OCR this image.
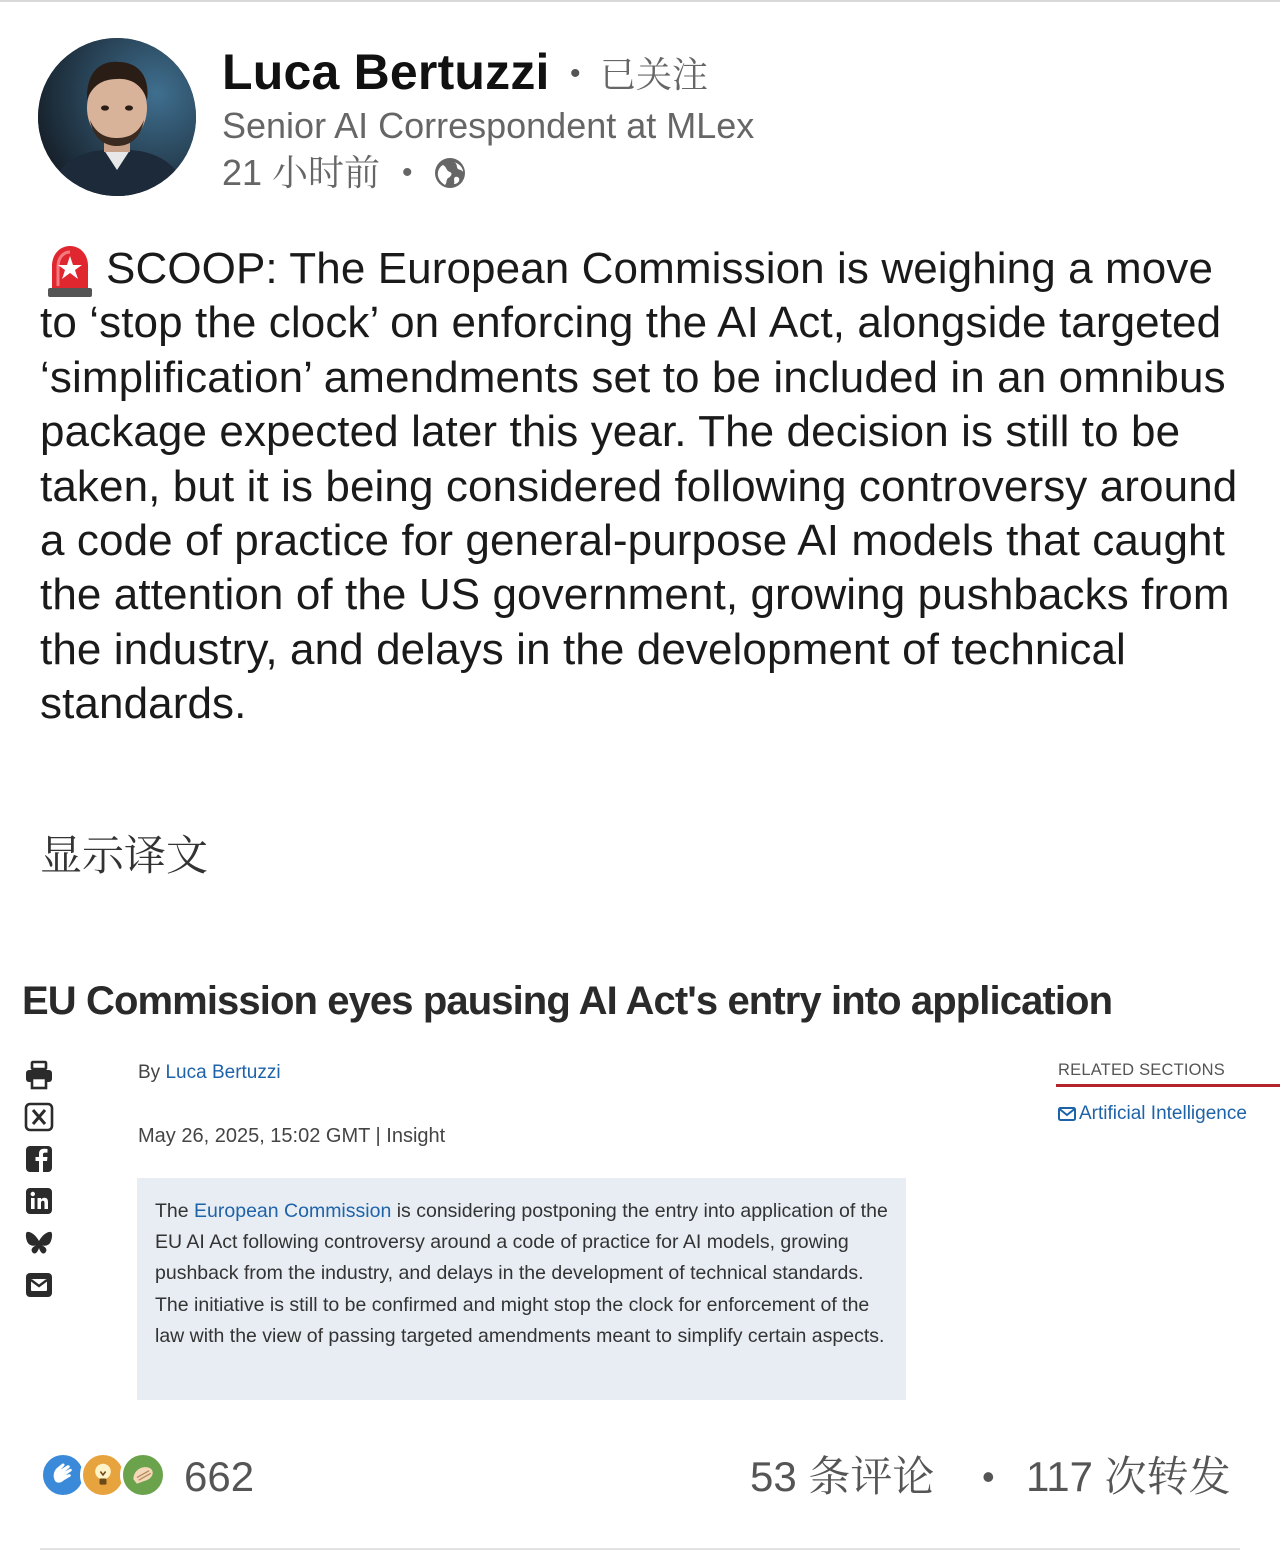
Luca Bertuzzi • 已关注
Senior AI Correspondent at MLex
21 小时前 •
SCOOP: The European Commission is weighing a move to ‘stop the clock’ on enforcing the AI Act, alongside targeted ‘simplification’ amendments set to be included in an omnibus package expected later this year. The decision is still to be taken, but it is being considered following controversy around a code of practice for general-purpose AI models that caught the attention of the US government, growing pushbacks from the industry, and delays in the development of technical standards.
显示译文
EU Commission eyes pausing AI Act's entry into application
By Luca Bertuzzi
May 26, 2025, 15:02 GMT | Insight

The European Commission is considering postponing the entry into application of the EU AI Act following controversy around a code of practice for AI models, growing pushback from the industry, and delays in the development of technical standards. The initiative is still to be confirmed and might stop the clock for enforcement of the law with the view of passing targeted amendments meant to simplify certain aspects.

RELATED SECTIONS
Artificial Intelligence
662	53 条评论 • 117 次转发
